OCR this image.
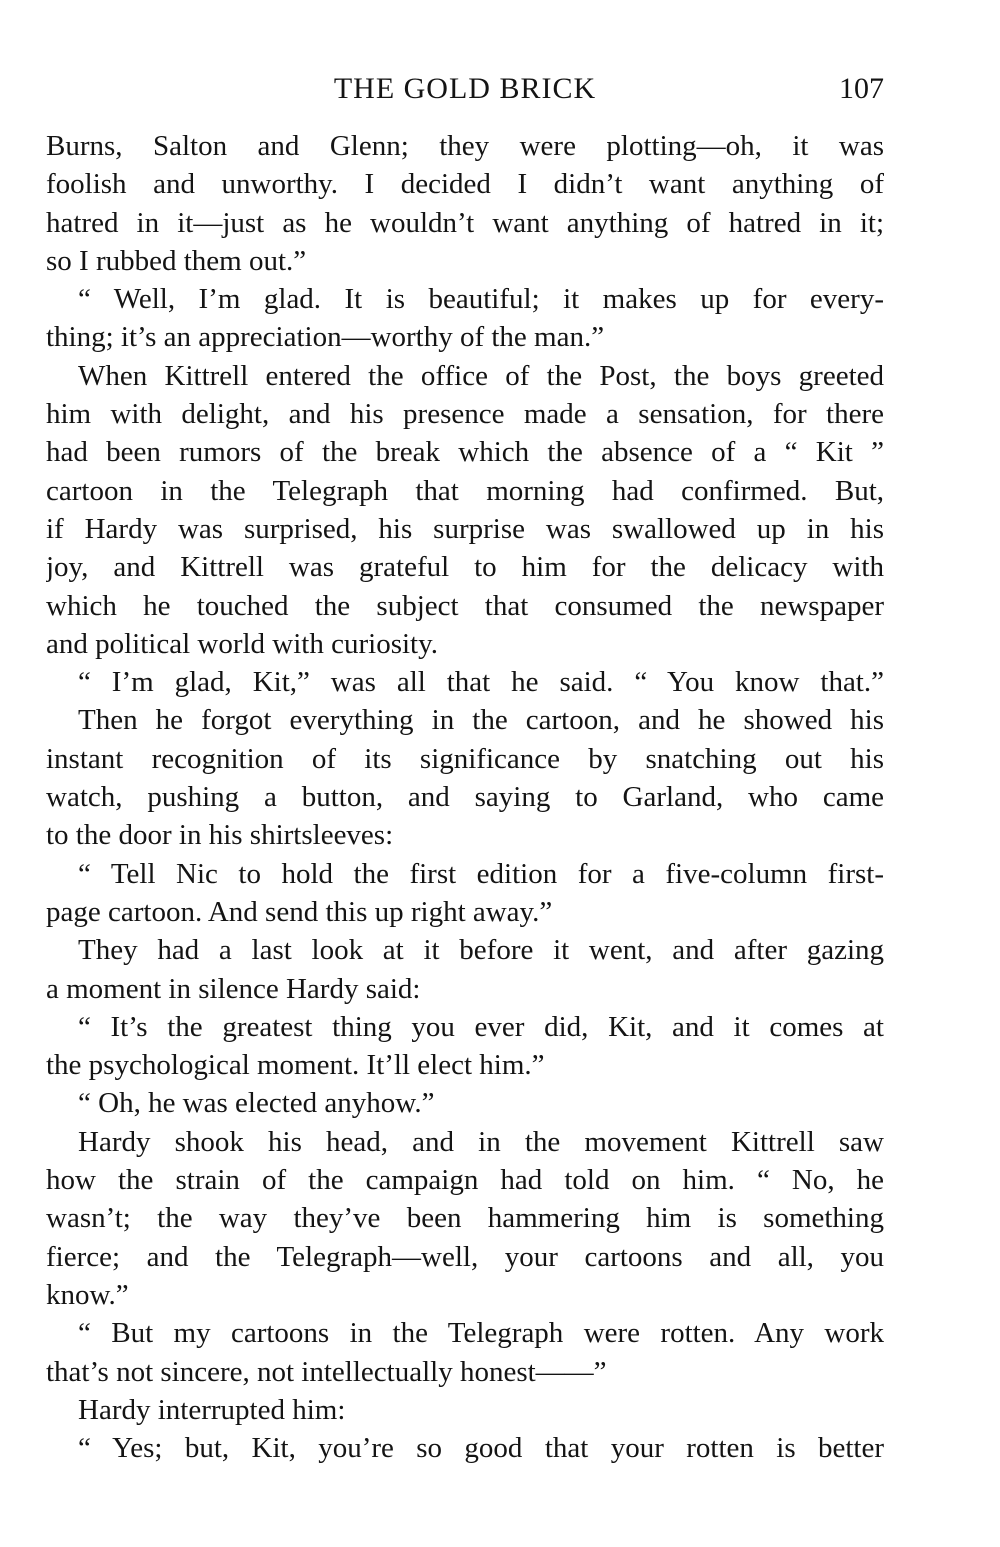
THE GOLD BRICK	107
Burns, Salton and Glenn; they were plotting—oh, it was
foolish and unworthy. I decided I didn’t want anything of
hatred in it—just as he wouldn’t want anything of hatred in it;
so I rubbed them out.”
“ Well, I’m glad. It is beautiful; it makes up for every-
thing; it’s an appreciation—worthy of the man.”
When Kittrell entered the office of the Post, the boys greeted
him with delight, and his presence made a sensation, for there
had been rumors of the break which the absence of a “ Kit ”
cartoon in the Telegraph that morning had confirmed. But,
if Hardy was surprised, his surprise was swallowed up in his
joy, and Kittrell was grateful to him for the delicacy with
which he touched the subject that consumed the newspaper
and political world with curiosity.
“ I’m glad, Kit,” was all that he said. “ You know that.”
Then he forgot everything in the cartoon, and he showed his
instant recognition of its significance by snatching out his
watch, pushing a button, and saying to Garland, who came
to the door in his shirtsleeves:
“ Tell Nic to hold the first edition for a five-column first-
page cartoon. And send this up right away.”
They had a last look at it before it went, and after gazing
a moment in silence Hardy said:
“ It’s the greatest thing you ever did, Kit, and it comes at
the psychological moment. It’ll elect him.”
“ Oh, he was elected anyhow.”
Hardy shook his head, and in the movement Kittrell saw
how the strain of the campaign had told on him. “ No, he
wasn’t; the way they’ve been hammering him is something
fierce; and the Telegraph—well, your cartoons and all, you
know.”
“ But my cartoons in the Telegraph were rotten. Any work
that’s not sincere, not intellectually honest——”
Hardy interrupted him:
“ Yes; but, Kit, you’re so good that your rotten is better
